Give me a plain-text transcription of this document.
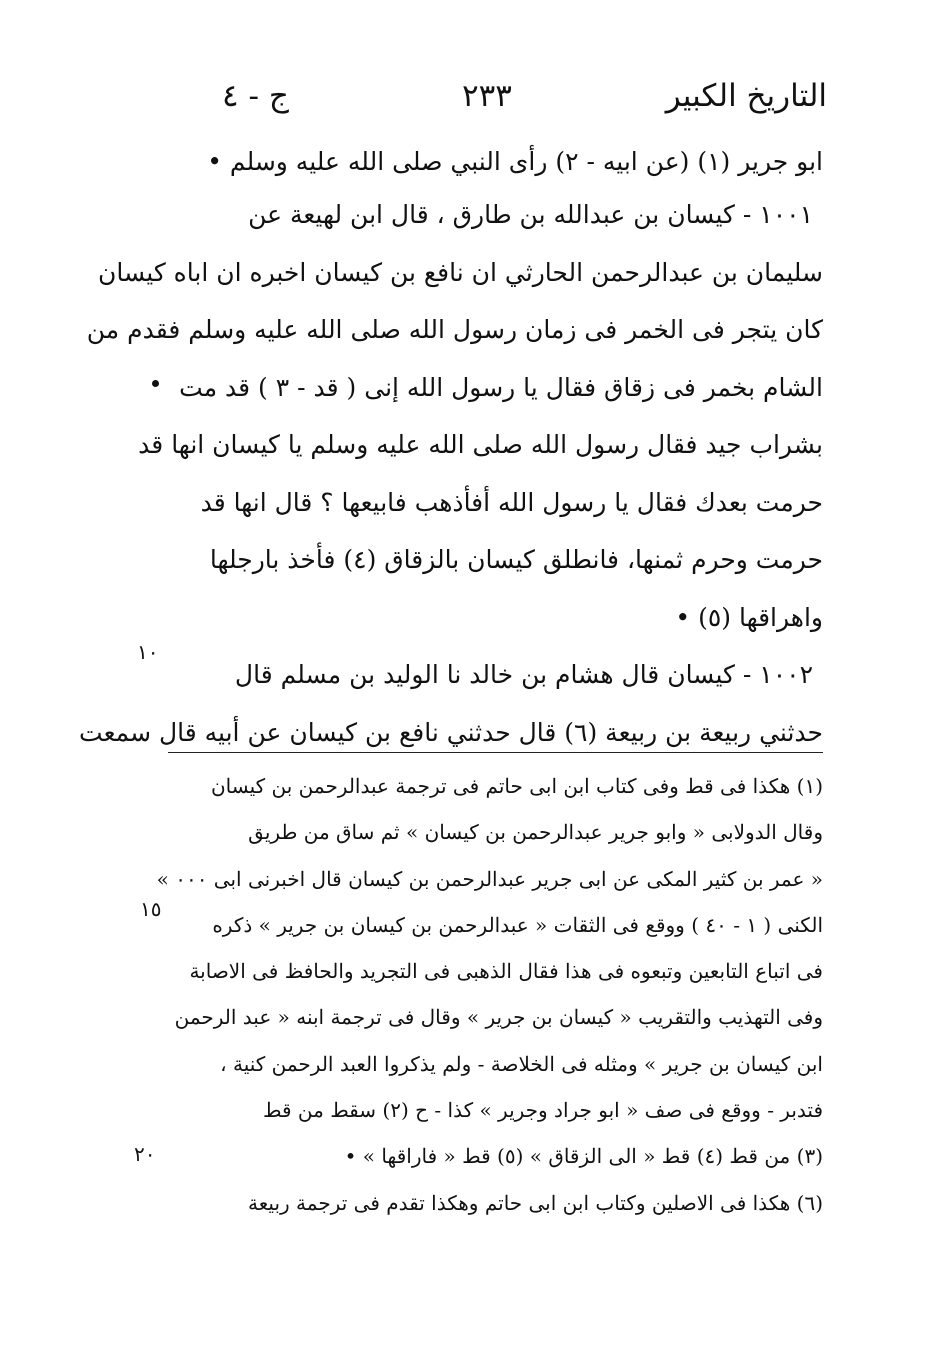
التاريخ الكبير
٢٣٣
ج - ٤
ابو جرير (١) (عن ابيه - ٢) رأى النبي صلى الله عليه وسلم •
١٠٠١ - كيسان بن عبدالله بن طارق ، قال ابن لهيعة عن
سليمان بن عبدالرحمن الحارثي ان نافع بن كيسان اخبره ان اباه كيسان
كان يتجر فى الخمر فى زمان رسول الله صلى الله عليه وسلم فقدم من
الشام بخمر فى زقاق فقال يا رسول الله إنى ( قد - ٣ ) قد مت
بشراب جيد فقال رسول الله صلى الله عليه وسلم يا كيسان انها قد
حرمت بعدك فقال يا رسول الله أفأذهب فابيعها ؟ قال انها قد
حرمت وحرم ثمنها، فانطلق كيسان بالزقاق (٤) فأخذ بارجلها
واهراقها (٥) •
١٠٠٢ - كيسان قال هشام بن خالد نا الوليد بن مسلم قال
حدثني ربيعة بن ربيعة (٦) قال حدثني نافع بن كيسان عن أبيه قال سمعت
١٠
(١) هكذا فى قط وفى كتاب ابن ابى حاتم فى ترجمة عبدالرحمن بن كيسان
وقال الدولابى « وابو جرير عبدالرحمن بن كيسان » ثم ساق من طريق
« عمر بن كثير المكى عن ابى جرير عبدالرحمن بن كيسان قال اخبرنى ابى ٠٠٠ »
الكنى ( ١ - ٤٠ ) ووقع فى الثقات « عبدالرحمن بن كيسان بن جرير » ذكره
فى اتباع التابعين وتبعوه فى هذا فقال الذهبى فى التجريد والحافظ فى الاصابة
وفى التهذيب والتقريب « كيسان بن جرير » وقال فى ترجمة ابنه « عبد الرحمن
ابن كيسان بن جرير » ومثله فى الخلاصة - ولم يذكروا العبد الرحمن كنية ،
فتدبر - ووقع فى صف « ابو جراد وجرير » كذا - ح (٢) سقط من قط
(٣) من قط (٤) قط « الى الزقاق » (٥) قط « فاراقها » •
(٦) هكذا فى الاصلين وكتاب ابن ابى حاتم وهكذا تقدم فى ترجمة ربيعة
١٥
٢٠
